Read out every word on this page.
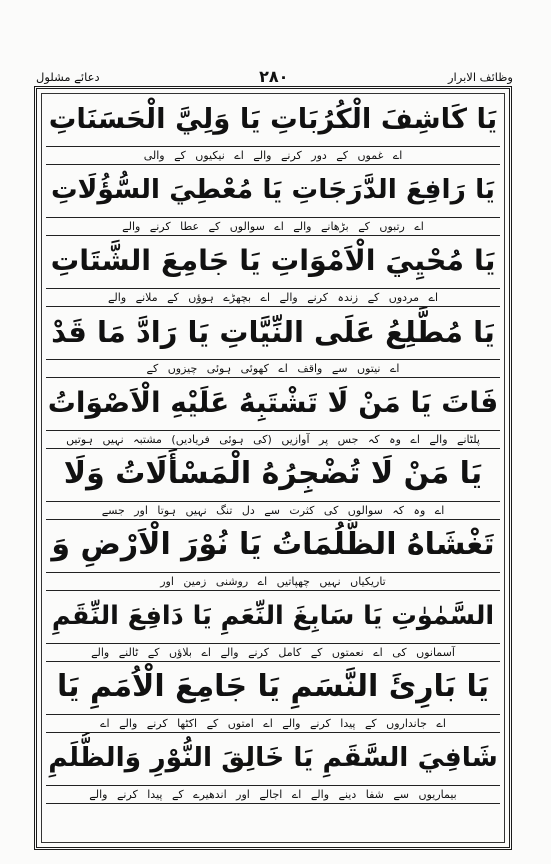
وظائف الابرار
۲۸۰
دعائے مشلول
يَا كَاشِفَ الْكُرُبَاتِ يَا وَلِيَّ الْحَسَنَاتِ
اے غموں کے دور کرنے والے اے نیکیوں کے والی
يَا رَافِعَ الدَّرَجَاتِ يَا مُعْطِيَ السُّؤُلَاتِ
اے رتبوں کے بڑھانے والے اے سوالوں کے عطا کرنے والے
يَا مُحْيِيَ الْاَمْوَاتِ يَا جَامِعَ الشَّتَاتِ
اے مردوں کے زندہ کرنے والے اے بچھڑے ہوؤں کے ملانے والے
يَا مُطَّلِعُ عَلَى النِّيَّاتِ يَا رَادَّ مَا قَدْ
اے نیتوں سے واقف اے کھوئی ہوئی چیزوں کے
فَاتَ يَا مَنْ لَا تَشْتَبِهُ عَلَيْهِ الْاَصْوَاتُ
پلٹانے والے اے وہ کہ جس پر آوازیں (کی ہوئی فریادیں) مشتبہ نہیں ہوتیں
يَا مَنْ لَا تُضْجِرُهُ الْمَسْأَلَاتُ وَلَا
اے وہ کہ سوالوں کی کثرت سے دل تنگ نہیں ہوتا اور جسے
تَغْشَاهُ الظُّلُمَاتُ يَا نُوْرَ الْاَرْضِ وَ
تاریکیاں نہیں چھپاتیں اے روشنی زمین اور
السَّمٰوٰتِ يَا سَابِغَ النِّعَمِ يَا دَافِعَ النِّقَمِ
آسمانوں کی اے نعمتوں کے کامل کرنے والے اے بلاؤں کے ٹالنے والے
يَا بَارِئَ النَّسَمِ يَا جَامِعَ الْاُمَمِ يَا
اے جانداروں کے پیدا کرنے والے اے امتوں کے اکٹھا کرنے والے اے
شَافِيَ السَّقَمِ يَا خَالِقَ النُّوْرِ وَالظُّلَمِ
بیماریوں سے شفا دینے والے اے اجالے اور اندھیرے کے پیدا کرنے والے
